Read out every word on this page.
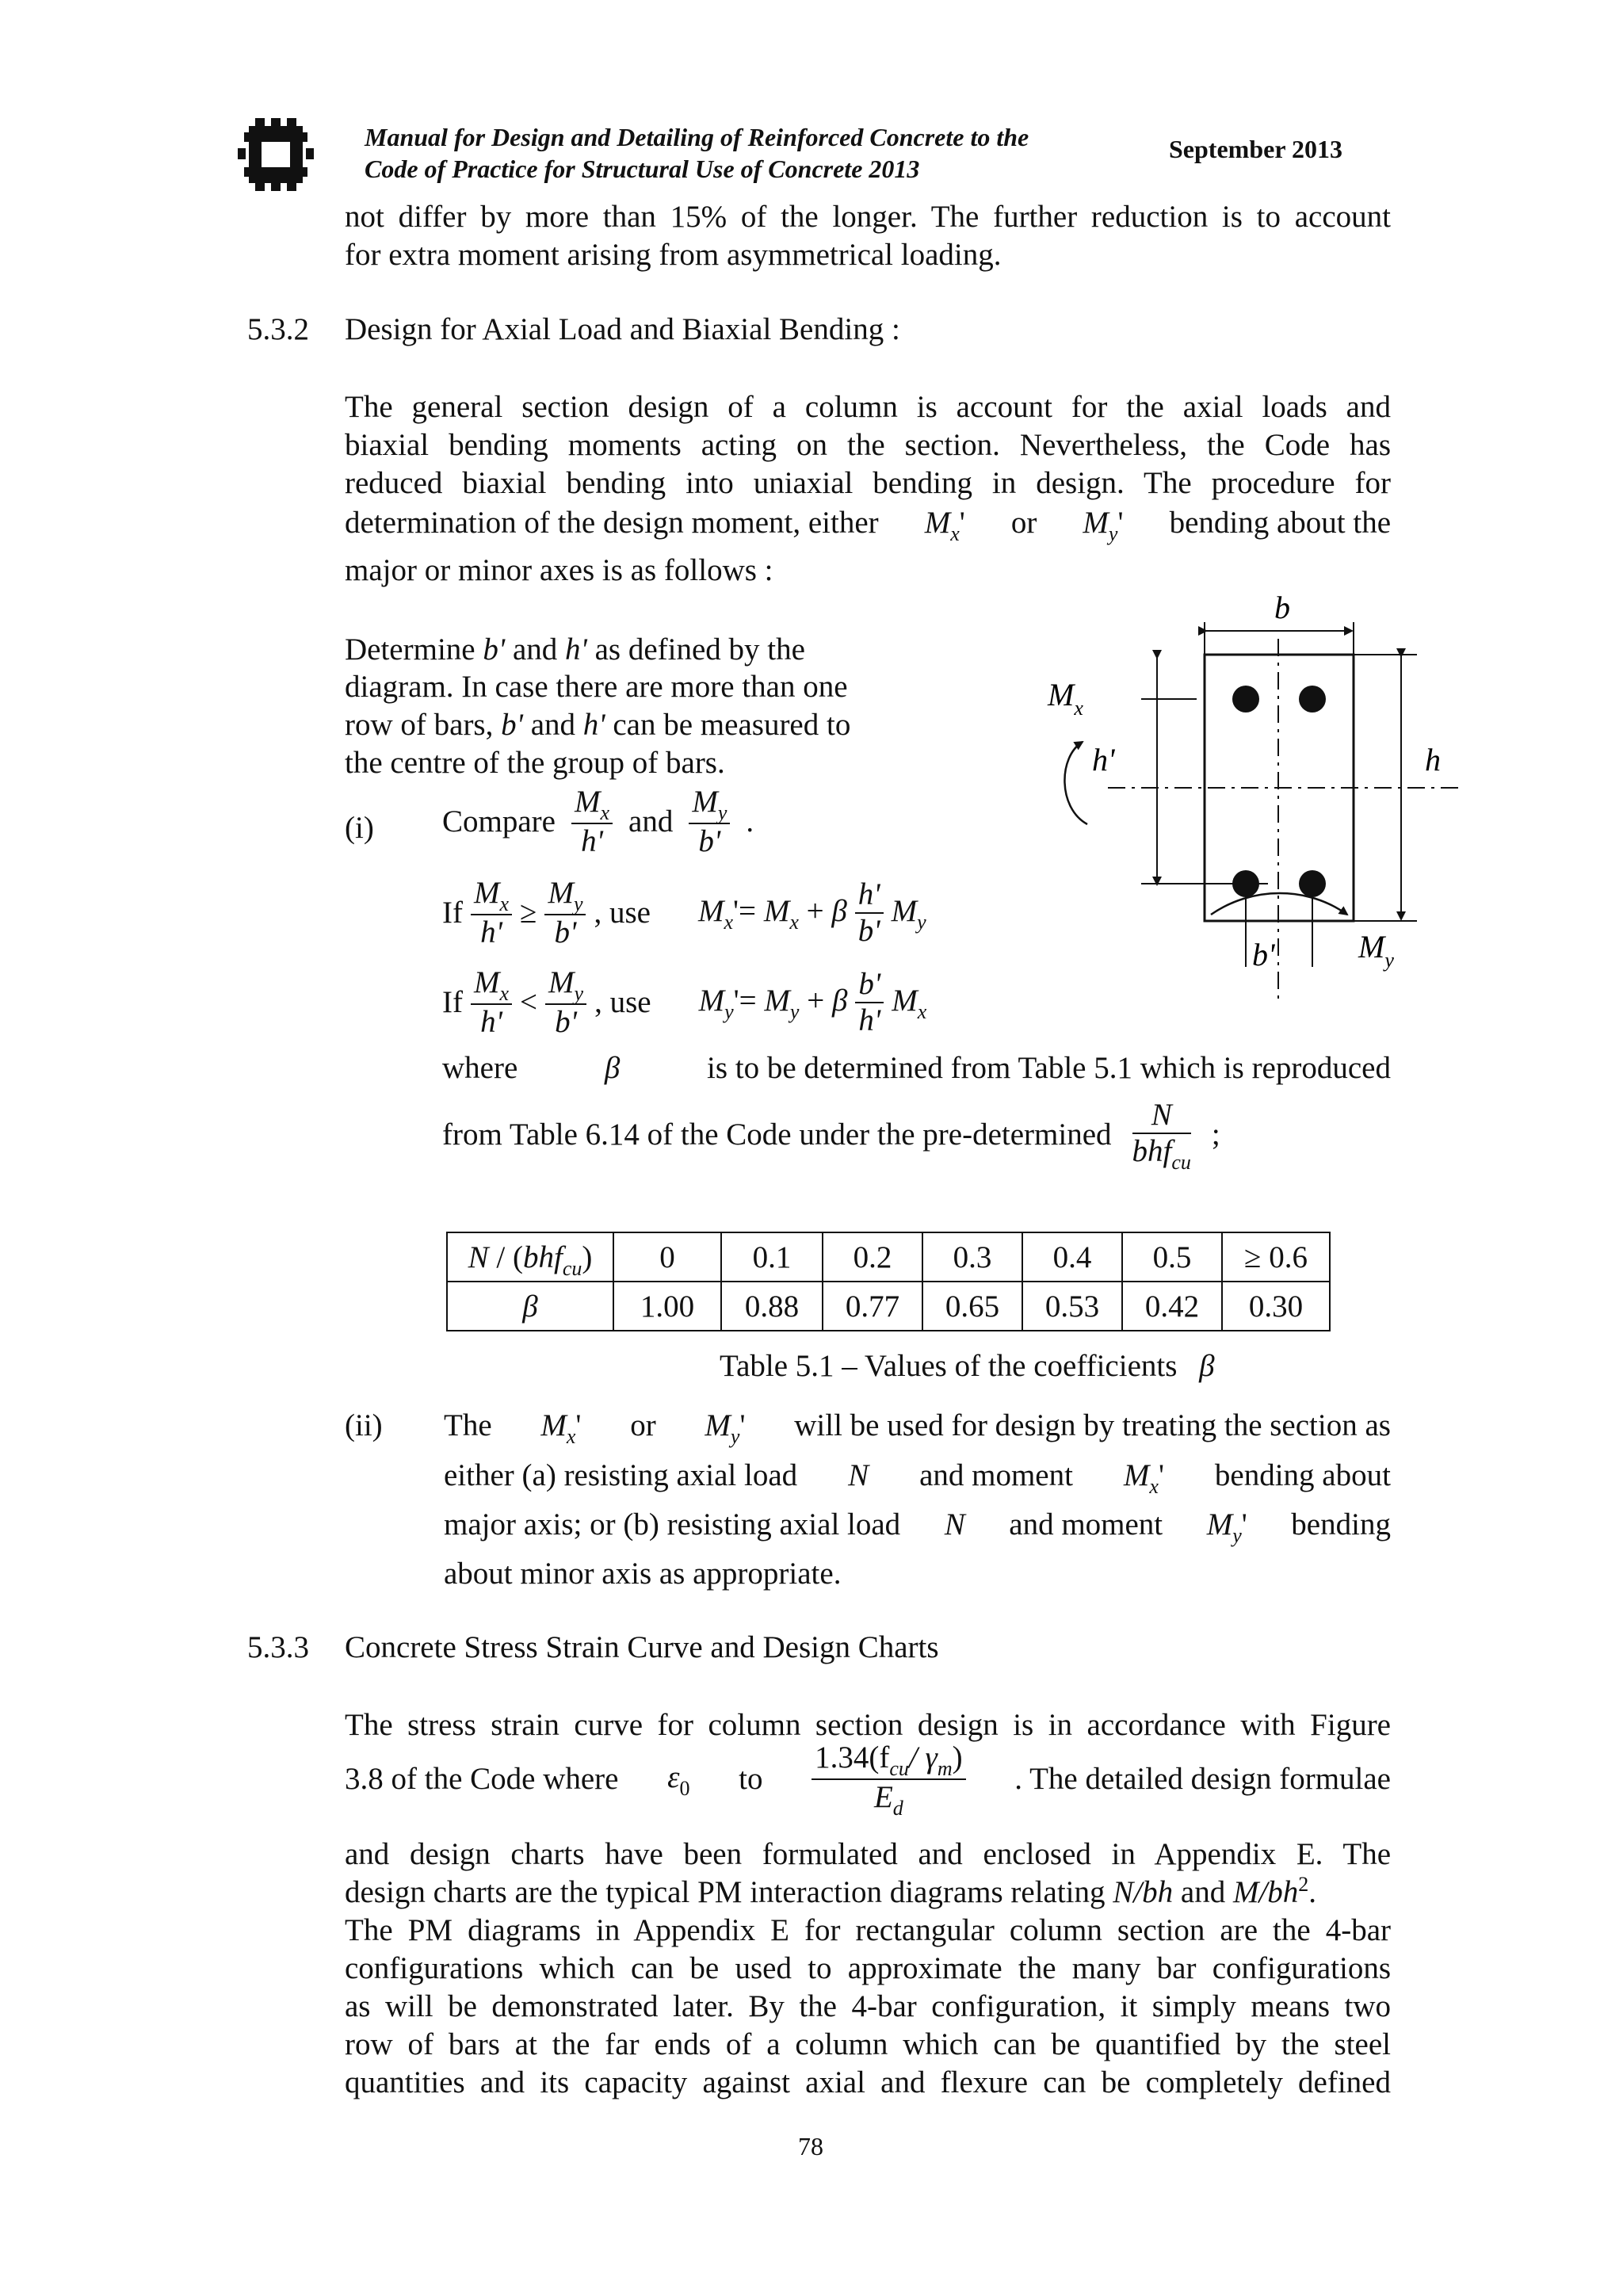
Manual for Design and Detailing of Reinforced Concrete to the
Code of Practice for Structural Use of Concrete 2013
September 2013
not differ by more than 15% of the longer. The further reduction is to account
for extra moment arising from asymmetrical loading.
5.3.2 Design for Axial Load and Biaxial Bending :
The general section design of a column is account for the axial loads and
biaxial bending moments acting on the section. Nevertheless, the Code has
reduced biaxial bending into uniaxial bending in design. The procedure for
determination of the design moment, either $M_x'$ or $M_y'$ bending about the
major or minor axes is as follows :
Determine b' and h' as defined by the
diagram. In case there are more than one
row of bars, b' and h' can be measured to
the centre of the group of bars.
(i) Compare $\frac{M_x}{h'}$ and $\frac{M_y}{b'}$ .
If $\frac{M_x}{h'} \ge \frac{M_y}{b'}$ , use $M_x'= M_x + \beta \frac{h'}{b'} M_y$
If $\frac{M_x}{h'} < \frac{M_y}{b'}$ , use $M_y'= M_y + \beta \frac{b'}{h'} M_x$
where	β	is to be determined from Table 5.1 which is reproduced
from Table 6.14 of the Code under the pre-determined $\frac{N}{bhf_{cu}}$ ;
N / (bhf$_{cu}$)	0	0.1	0.2	0.3	0.4	0.5	≥ 0.6
β	1.00	0.88	0.77	0.65	0.53	0.42	0.30
Table 5.1 – Values of the coefficients β
(ii) The $M_x'$ or $M_y'$ will be used for design by treating the section as
either (a) resisting axial load N and moment $M_x'$ bending about
major axis; or (b) resisting axial load N and moment $M_y'$ bending
about minor axis as appropriate.
5.3.3 Concrete Stress Strain Curve and Design Charts
The stress strain curve for column section design is in accordance with Figure
3.8 of the Code where $\varepsilon_0$ to $\frac{1.34(f_{cu}/ \gamma_m)}{E_d}$ . The detailed design formulae
and design charts have been formulated and enclosed in Appendix E. The
design charts are the typical PM interaction diagrams relating N/bh and $M/bh^2$.
The PM diagrams in Appendix E for rectangular column section are the 4-bar
configurations which can be used to approximate the many bar configurations
as will be demonstrated later. By the 4-bar configuration, it simply means two
row of bars at the far ends of a column which can be quantified by the steel
quantities and its capacity against axial and flexure can be completely defined
78
b
h
h'
b'
$M_x$
$M_y$
